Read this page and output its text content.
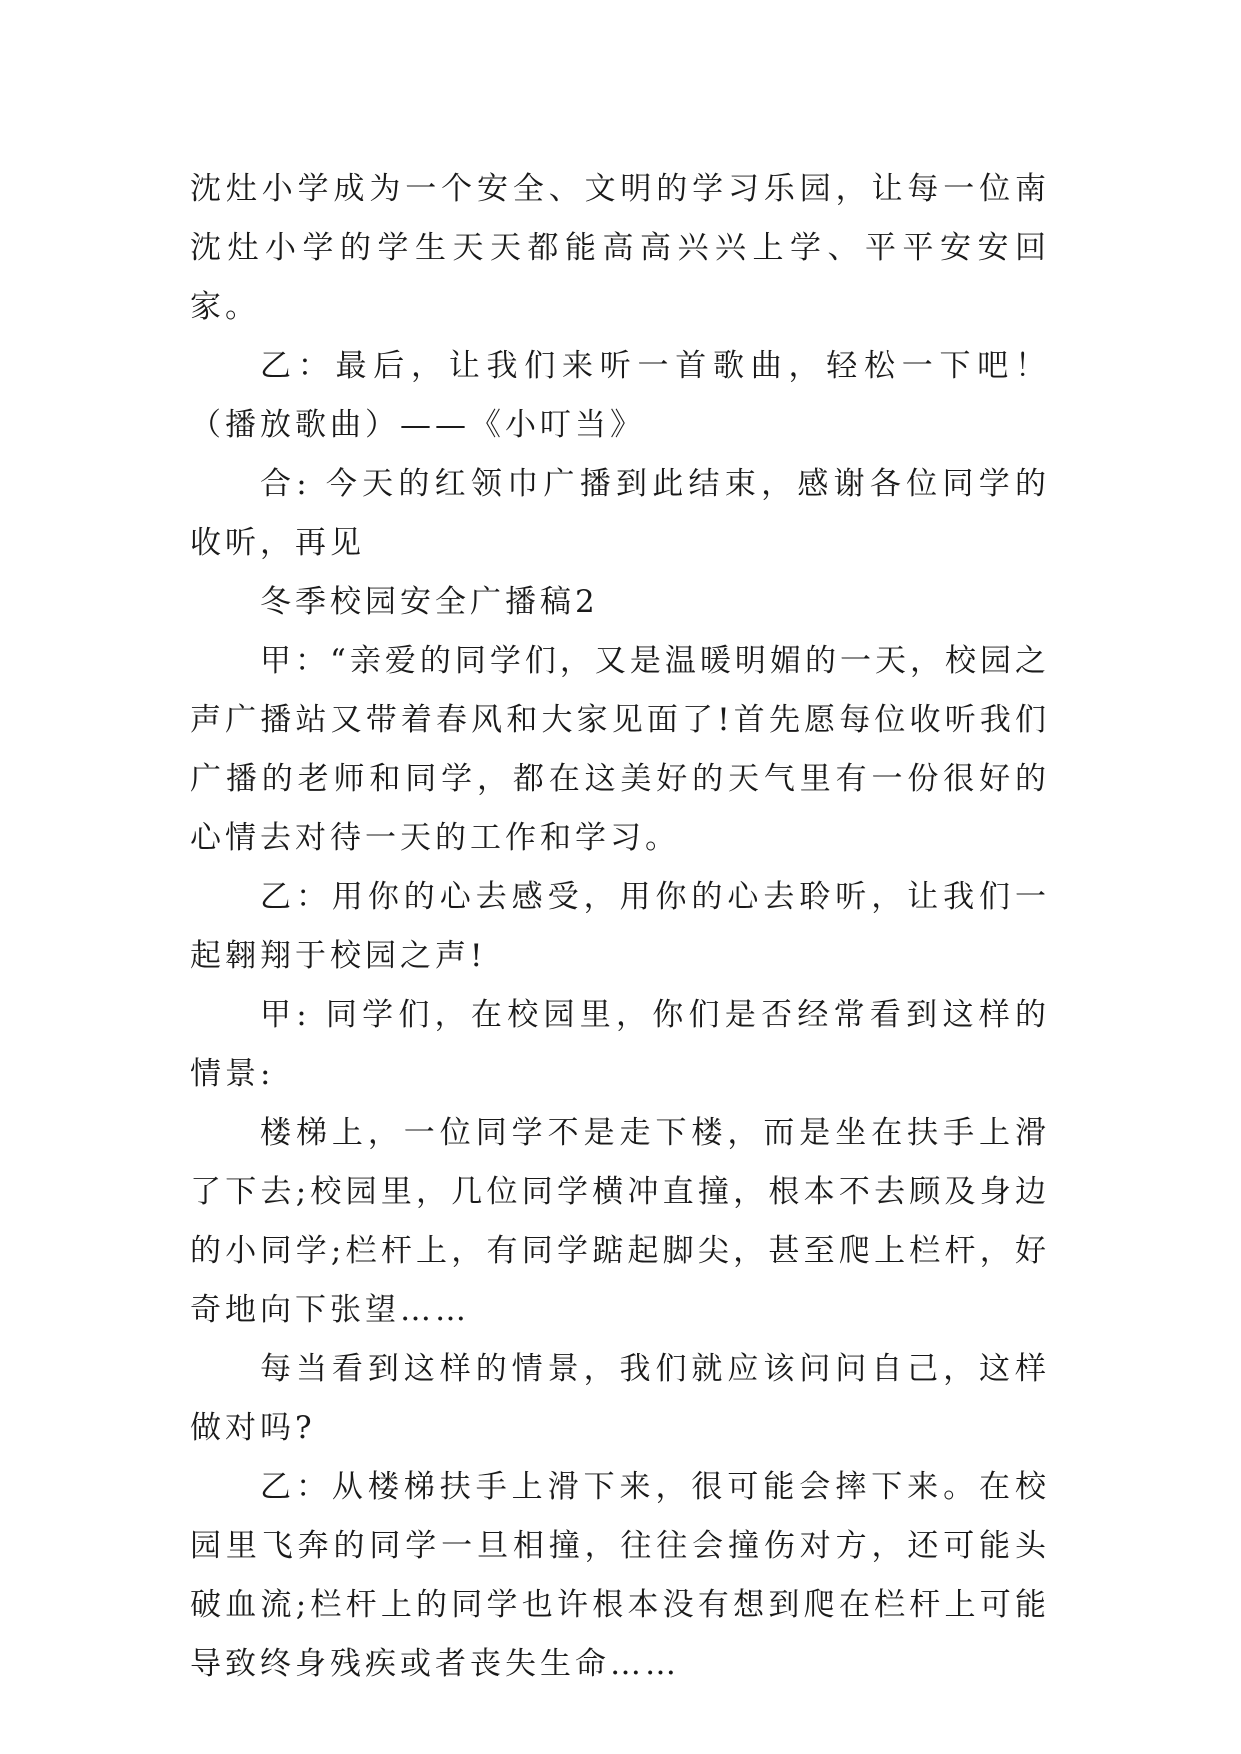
沈灶小学成为一个安全、文明的学习乐园，让每一位南沈灶小学的学生天天都能高高兴兴上学、平平安安回家。

乙：最后，让我们来听一首歌曲，轻松一下吧！（播放歌曲）——《小叮当》

合: 今天的红领巾广播到此结束，感谢各位同学的收听，再见

冬季校园安全广播稿2

甲：“亲爱的同学们，又是温暖明媚的一天，校园之声广播站又带着春风和大家见面了!首先愿每位收听我们广播的老师和同学，都在这美好的天气里有一份很好的心情去对待一天的工作和学习。

乙：用你的心去感受，用你的心去聆听，让我们一起翱翔于校园之声!

甲: 同学们，在校园里，你们是否经常看到这样的情景:

楼梯上，一位同学不是走下楼，而是坐在扶手上滑了下去;校园里，几位同学横冲直撞，根本不去顾及身边的小同学;栏杆上，有同学踮起脚尖，甚至爬上栏杆，好奇地向下张望……

每当看到这样的情景，我们就应该问问自己，这样做对吗?

乙：从楼梯扶手上滑下来，很可能会摔下来。在校园里飞奔的同学一旦相撞，往往会撞伤对方，还可能头破血流;栏杆上的同学也许根本没有想到爬在栏杆上可能导致终身残疾或者丧失生命……
